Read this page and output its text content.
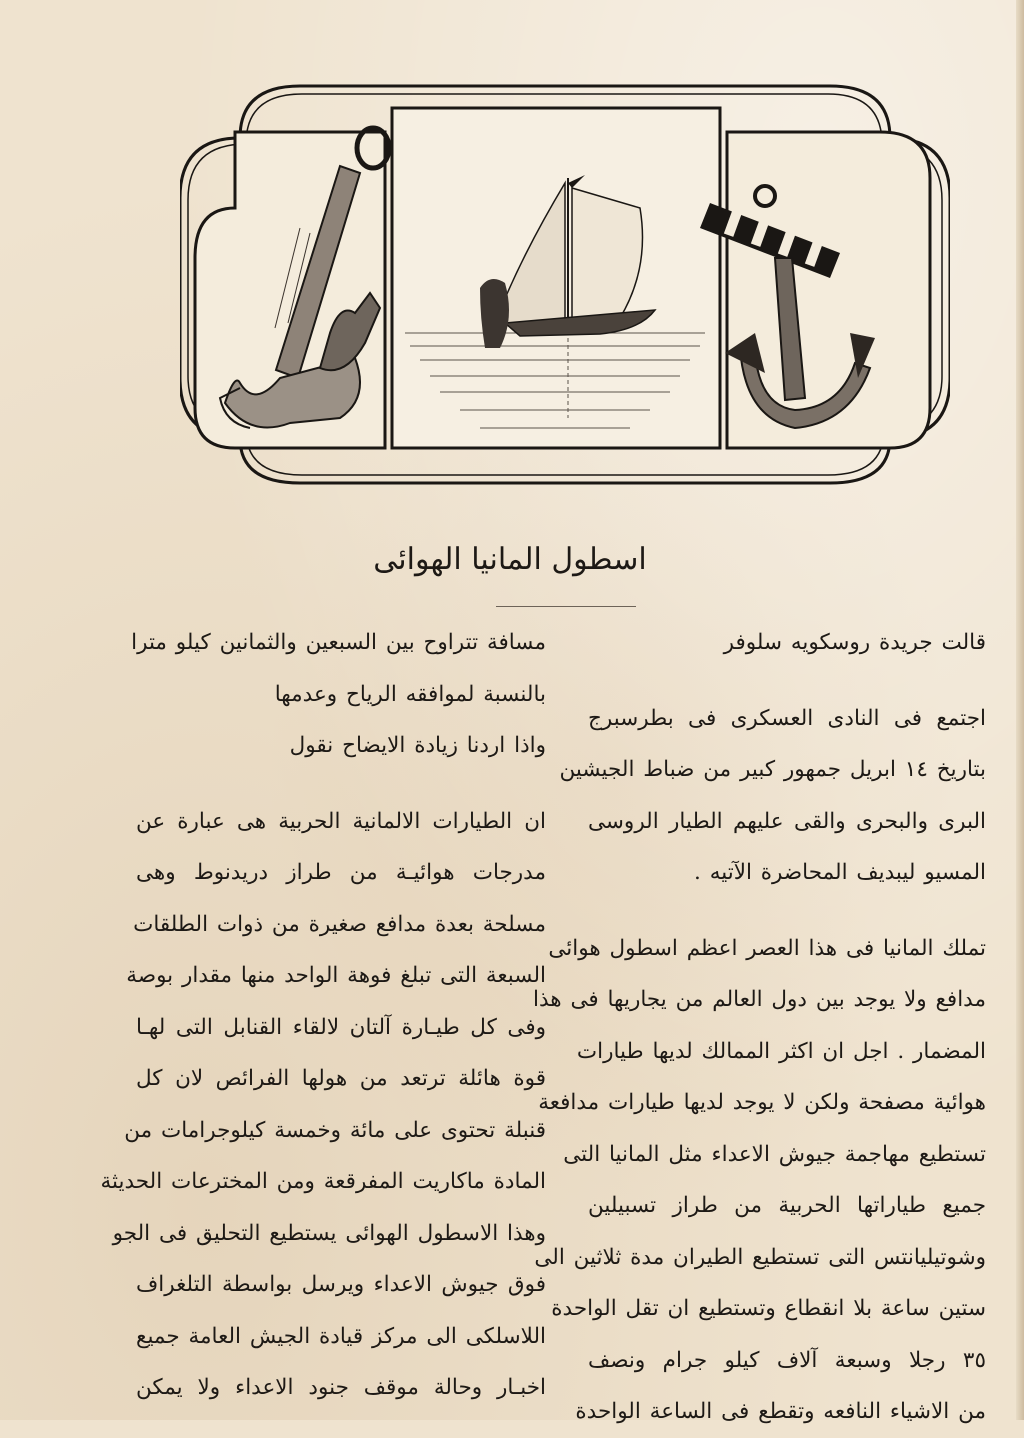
اسطول المانيا الهوائى
قالت جريدة روسكويه سلوفر
اجتمع فى النادى العسكرى فى بطرسبرج
بتاريخ ١٤ ابريل جمهور كبير من ضباط الجيشين
البرى والبحرى والقى عليهم الطيار الروسى
المسيو ليبديف المحاضرة الآتيه .
تملك المانيا فى هذا العصر اعظم اسطول هوائى
مدافع ولا يوجد بين دول العالم من يجاريها فى هذا
المضمار . اجل ان اكثر الممالك لديها طيارات
هوائية مصفحة ولكن لا يوجد لديها طيارات مدافعة
تستطيع مهاجمة جيوش الاعداء مثل المانيا التى
جميع طياراتها الحربية من طراز تسبيلين
وشوتيليانتس التى تستطيع الطيران مدة ثلاثين الى
ستين ساعة بلا انقطاع وتستطيع ان تقل الواحدة
٣٥ رجلا وسبعة آلاف كيلو جرام ونصف
من الاشياء النافعه وتقطع فى الساعة الواحدة
مسافة تتراوح بين السبعين والثمانين كيلو مترا
بالنسبة لموافقه الرياح وعدمها
واذا اردنا زيادة الايضاح نقول
ان الطيارات الالمانية الحربية هى عبارة عن
مدرجات هوائيـة من طراز دريدنوط وهى
مسلحة بعدة مدافع صغيرة من ذوات الطلقات
السبعة التى تبلغ فوهة الواحد منها مقدار بوصة
وفى كل طيـارة آلتان لالقاء القنابل التى لهـا
قوة هائلة ترتعد من هولها الفرائص لان كل
قنبلة تحتوى على مائة وخمسة كيلوجرامات من
المادة ماكاريت المفرقعة ومن المخترعات الحديثة
وهذا الاسطول الهوائى يستطيع التحليق فى الجو
فوق جيوش الاعداء ويرسل بواسطة التلغراف
اللاسلكى الى مركز قيادة الجيش العامة جميع
اخبـار وحالة موقف جنود الاعداء ولا يمكن
